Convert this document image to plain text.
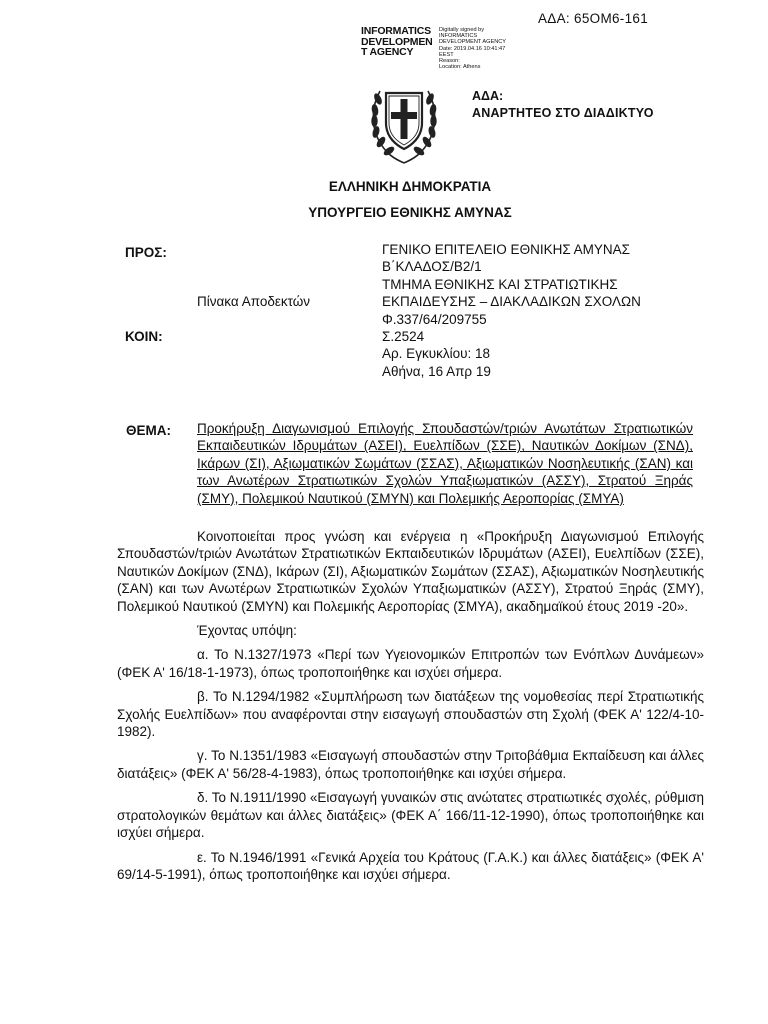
ΑΔΑ: 65ΟΜ6-161
INFORMATICS
DEVELOPMEN
T AGENCY
Digitally signed by
INFORMATICS
DEVELOPMENT AGENCY
Date: 2019.04.16 10:41:47
EEST
Reason:
Location: Athens
ΑΔΑ:
ΑΝΑΡΤΗΤΕΟ ΣΤΟ ΔΙΑΔΙΚΤΥΟ
ΕΛΛΗΝΙΚΗ ΔΗΜΟΚΡΑΤΙΑ
ΥΠΟΥΡΓΕΙΟ ΕΘΝΙΚΗΣ ΑΜΥΝΑΣ
ΠΡΟΣ:
Πίνακα Αποδεκτών
ΚΟΙΝ:
ΓΕΝΙΚΟ ΕΠΙΤΕΛΕΙΟ ΕΘΝΙΚΗΣ ΑΜΥΝΑΣ
Β΄ΚΛΑΔΟΣ/Β2/1
ΤΜΗΜΑ ΕΘΝΙΚΗΣ ΚΑΙ ΣΤΡΑΤΙΩΤΙΚΗΣ
ΕΚΠΑΙΔΕΥΣΗΣ – ΔΙΑΚΛΑΔΙΚΩΝ ΣΧΟΛΩΝ
Φ.337/64/209755
Σ.2524
Αρ. Εγκυκλίου: 18
Αθήνα, 16 Απρ 19
ΘΕΜΑ: Προκήρυξη Διαγωνισμού Επιλογής Σπουδαστών/τριών Ανωτάτων Στρατιωτικών Εκπαιδευτικών Ιδρυμάτων (ΑΣΕΙ), Ευελπίδων (ΣΣΕ), Ναυτικών Δοκίμων (ΣΝΔ), Ικάρων (ΣΙ), Αξιωματικών Σωμάτων (ΣΣΑΣ), Αξιωματικών Νοσηλευτικής (ΣΑΝ) και των Ανωτέρων Στρατιωτικών Σχολών Υπαξιωματικών (ΑΣΣΥ), Στρατού Ξηράς (ΣΜΥ), Πολεμικού Ναυτικού (ΣΜΥΝ) και Πολεμικής Αεροπορίας (ΣΜΥΑ)

Κοινοποιείται προς γνώση και ενέργεια η «Προκήρυξη Διαγωνισμού Επιλογής Σπουδαστών/τριών Ανωτάτων Στρατιωτικών Εκπαιδευτικών Ιδρυμάτων (ΑΣΕΙ), Ευελπίδων (ΣΣΕ), Ναυτικών Δοκίμων (ΣΝΔ), Ικάρων (ΣΙ), Αξιωματικών Σωμάτων (ΣΣΑΣ), Αξιωματικών Νοσηλευτικής (ΣΑΝ) και των Ανωτέρων Στρατιωτικών Σχολών Υπαξιωματικών (ΑΣΣΥ), Στρατού Ξηράς (ΣΜΥ), Πολεμικού Ναυτικού (ΣΜΥΝ) και Πολεμικής Αεροπορίας (ΣΜΥΑ), ακαδημαϊκού έτους 2019 -20».

Έχοντας υπόψη:

α. Το Ν.1327/1973 «Περί των Υγειονομικών Επιτροπών των Ενόπλων Δυνάμεων» (ΦΕΚ Α' 16/18-1-1973), όπως τροποποιήθηκε και ισχύει σήμερα.

β. Το Ν.1294/1982 «Συμπλήρωση των διατάξεων της νομοθεσίας περί Στρατιωτικής Σχολής Ευελπίδων» που αναφέρονται στην εισαγωγή σπουδαστών στη Σχολή (ΦΕΚ Α' 122/4-10-1982).

γ. Το Ν.1351/1983 «Εισαγωγή σπουδαστών στην Τριτοβάθμια Εκπαίδευση και άλλες διατάξεις» (ΦΕΚ Α' 56/28-4-1983), όπως τροποποιήθηκε και ισχύει σήμερα.

δ. Το Ν.1911/1990 «Εισαγωγή γυναικών στις ανώτατες στρατιωτικές σχολές, ρύθμιση στρατολογικών θεμάτων και άλλες διατάξεις» (ΦΕΚ Α΄ 166/11-12-1990), όπως τροποποιήθηκε και ισχύει σήμερα.

ε. Το Ν.1946/1991 «Γενικά Αρχεία του Κράτους (Γ.Α.Κ.) και άλλες διατάξεις» (ΦΕΚ Α' 69/14-5-1991), όπως τροποποιήθηκε και ισχύει σήμερα.
